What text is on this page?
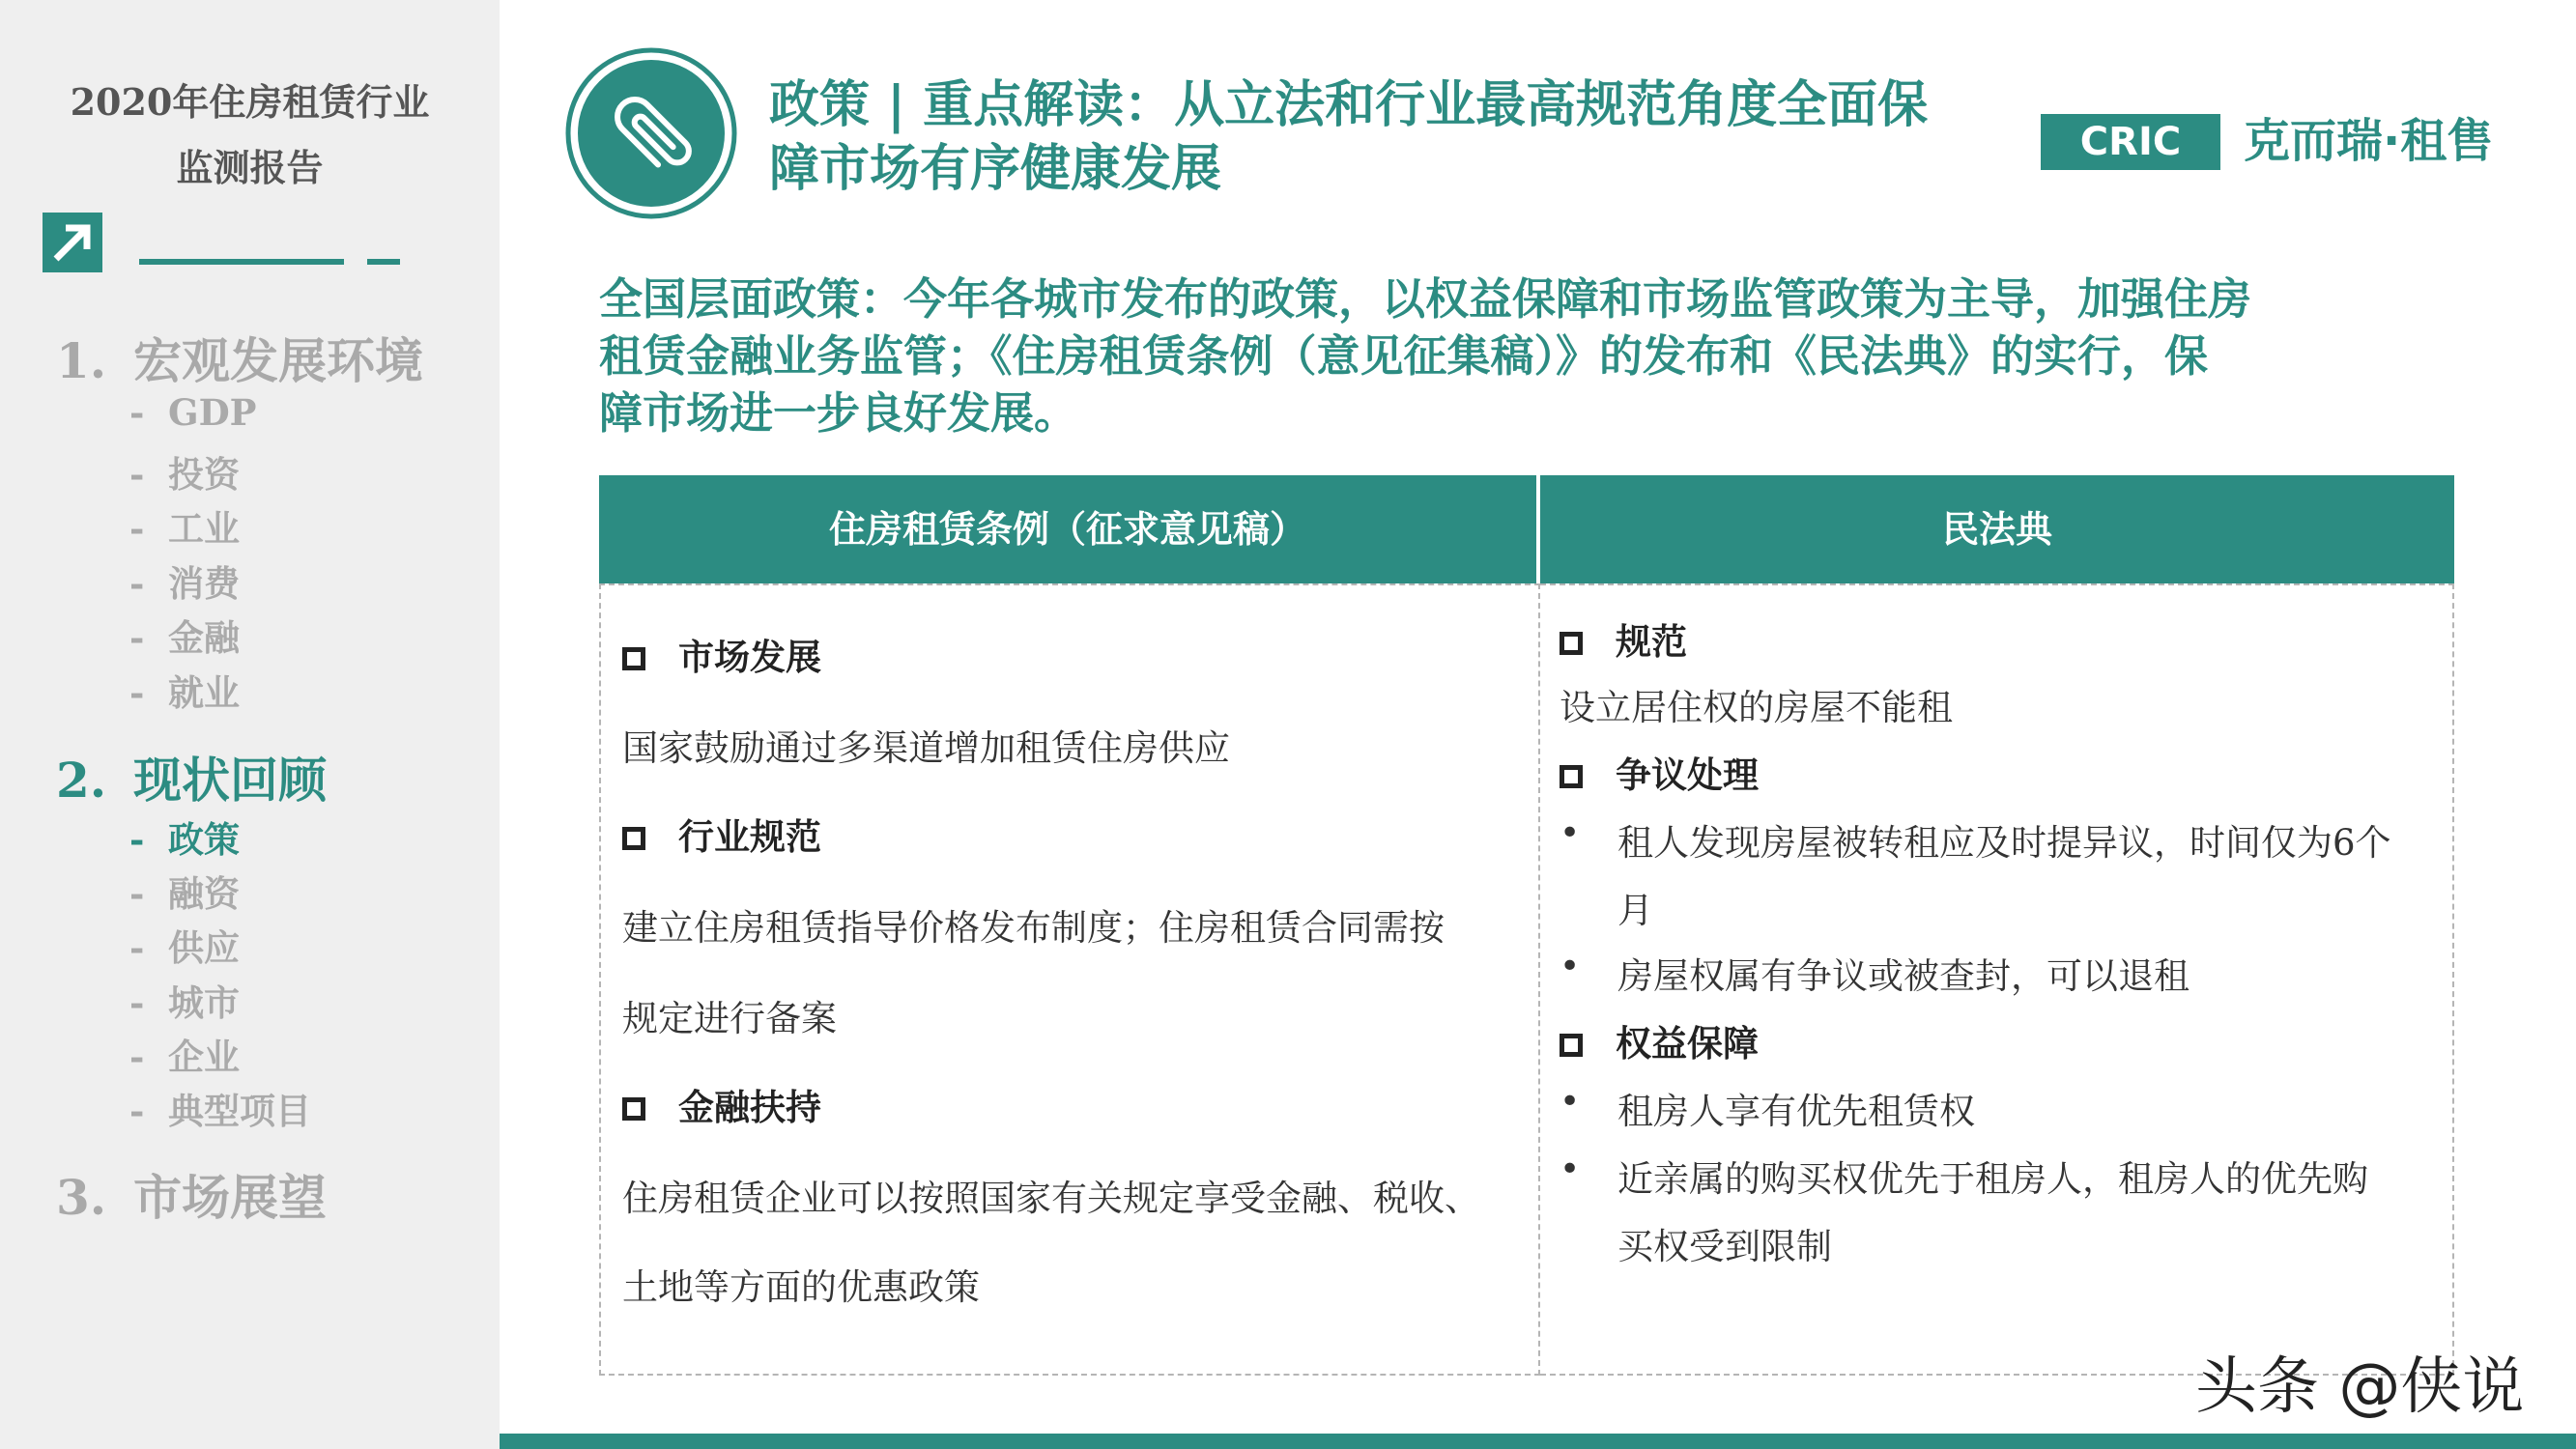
2020年住房租赁行业
监测报告
1. 宏观发展环境
- GDP
- 投资
- 工业
- 消费
- 金融
- 就业
2. 现状回顾
- 政策
- 融资
- 供应
- 城市
- 企业
- 典型项目
3. 市场展望
政策 | 重点解读：从立法和行业最高规范角度全面保
障市场有序健康发展	CRIC	克而瑞·租售
全国层面政策：今年各城市发布的政策，以权益保障和市场监管政策为主导，加强住房
租赁金融业务监管；《住房租赁条例（意见征集稿）》的发布和《民法典》的实行，保
障市场进一步良好发展。
住房租赁条例（征求意见稿）	民法典
市场发展
国家鼓励通过多渠道增加租赁住房供应
行业规范
建立住房租赁指导价格发布制度；住房租赁合同需按
规定进行备案
金融扶持
住房租赁企业可以按照国家有关规定享受金融、税收、
土地等方面的优惠政策
规范
设立居住权的房屋不能租
争议处理
• 租人发现房屋被转租应及时提异议，时间仅为6个
月
• 房屋权属有争议或被查封，可以退租
权益保障
• 租房人享有优先租赁权
• 近亲属的购买权优先于租房人，租房人的优先购
买权受到限制
头条 @侠说
